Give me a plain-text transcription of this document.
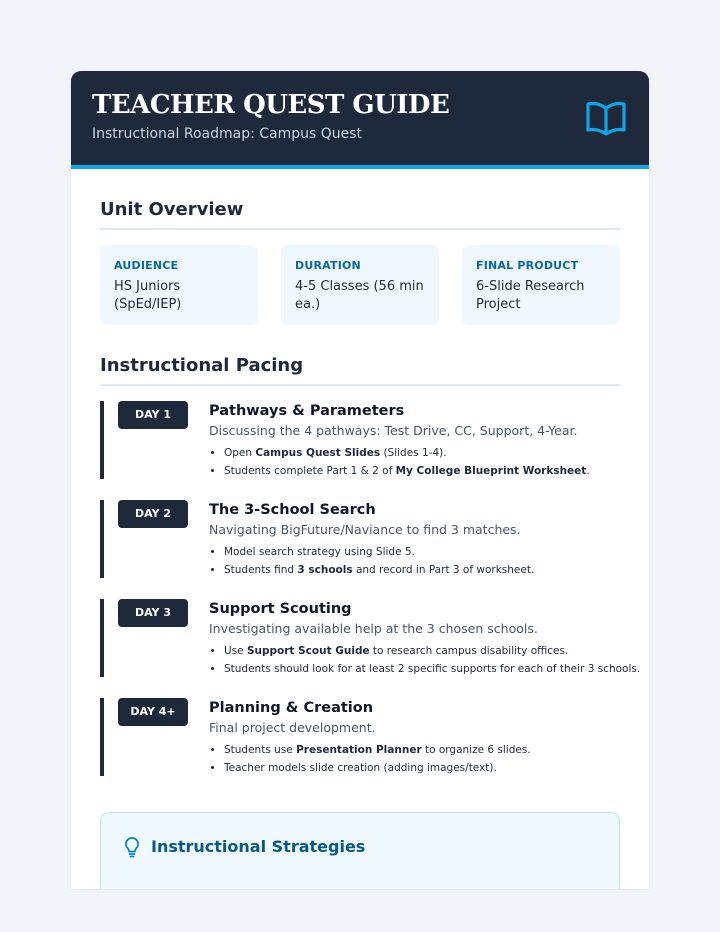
TEACHER QUEST GUIDE
Instructional Roadmap: Campus Quest
Unit Overview
AUDIENCE
HS Juniors (SpEd/IEP)
DURATION
4-5 Classes (56 min ea.)
FINAL PRODUCT
6-Slide Research Project
Instructional Pacing
DAY 1	Pathways & Parameters
Discussing the 4 pathways: Test Drive, CC, Support, 4-Year.
• Open Campus Quest Slides (Slides 1-4).
• Students complete Part 1 & 2 of My College Blueprint Worksheet.
DAY 2	The 3-School Search
Navigating BigFuture/Naviance to find 3 matches.
• Model search strategy using Slide 5.
• Students find 3 schools and record in Part 3 of worksheet.
DAY 3	Support Scouting
Investigating available help at the 3 chosen schools.
• Use Support Scout Guide to research campus disability offices.
• Students should look for at least 2 specific supports for each of their 3 schools.
DAY 4+	Planning & Creation
Final project development.
• Students use Presentation Planner to organize 6 slides.
• Teacher models slide creation (adding images/text).
Instructional Strategies
